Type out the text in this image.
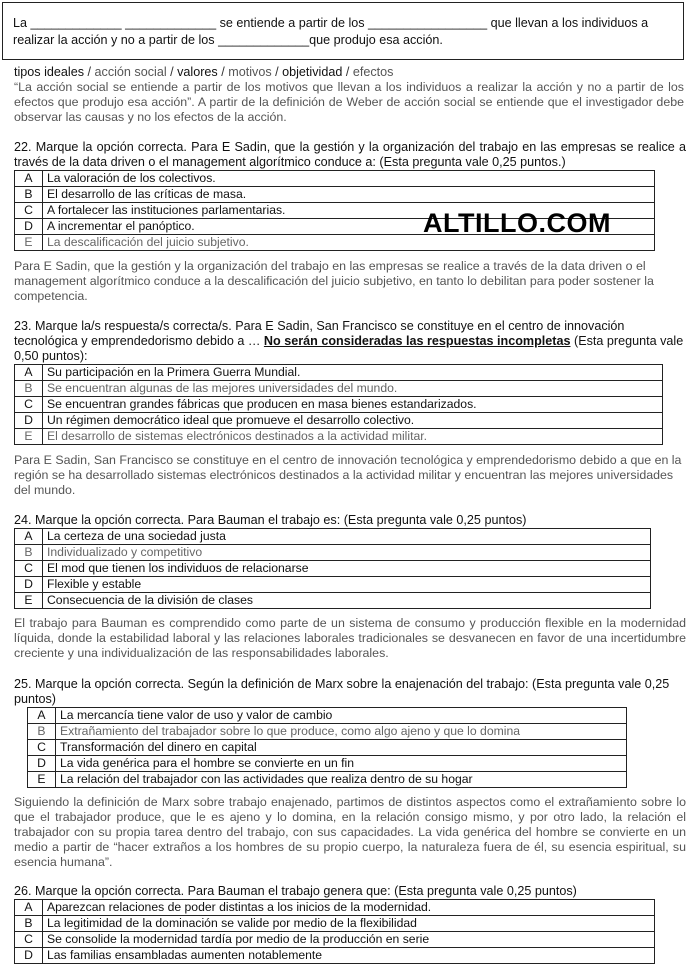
La _____________ _____________ se entiende a partir de los _________________ que llevan a los individuos a realizar la acción y no a partir de los _____________que produjo esa acción.
tipos ideales / acción social / valores / motivos / objetividad / efectos
“La acción social se entiende a partir de los motivos que llevan a los individuos a realizar la acción y no a partir de los efectos que produjo esa acción”. A partir de la definición de Weber de acción social se entiende que el investigador debe observar las causas y no los efectos de la acción.
22. Marque la opción correcta. Para E Sadin, que la gestión y la organización del trabajo en las empresas se realice a través de la data driven o el management algorítmico conduce a: (Esta pregunta vale 0,25 puntos.)
A	La valoración de los colectivos.
B	El desarrollo de las críticas de masa.
C	A fortalecer las instituciones parlamentarias.
D	A incrementar el panóptico.
E	La descalificación del juicio subjetivo.
ALTILLO.COM
Para E Sadin, que la gestión y la organización del trabajo en las empresas se realice a través de la data driven o el management algorítmico conduce a la descalificación del juicio subjetivo, en tanto lo debilitan para poder sostener la competencia.
23. Marque la/s respuesta/s correcta/s. Para E Sadin, San Francisco se constituye en el centro de innovación tecnológica y emprendedorismo debido a … No serán consideradas las respuestas incompletas (Esta pregunta vale 0,50 puntos):
A	Su participación en la Primera Guerra Mundial.
B	Se encuentran algunas de las mejores universidades del mundo.
C	Se encuentran grandes fábricas que producen en masa bienes estandarizados.
D	Un régimen democrático ideal que promueve el desarrollo colectivo.
E	El desarrollo de sistemas electrónicos destinados a la actividad militar.
Para E Sadin, San Francisco se constituye en el centro de innovación tecnológica y emprendedorismo debido a que en la región se ha desarrollado sistemas electrónicos destinados a la actividad militar y encuentran las mejores universidades del mundo.
24. Marque la opción correcta. Para Bauman el trabajo es: (Esta pregunta vale 0,25 puntos)
A	La certeza de una sociedad justa
B	Individualizado y competitivo
C	El mod que tienen los individuos de relacionarse
D	Flexible y estable
E	Consecuencia de la división de clases
El trabajo para Bauman es comprendido como parte de un sistema de consumo y producción flexible en la modernidad líquida, donde la estabilidad laboral y las relaciones laborales tradicionales se desvanecen en favor de una incertidumbre creciente y una individualización de las responsabilidades laborales.
25. Marque la opción correcta. Según la definición de Marx sobre la enajenación del trabajo: (Esta pregunta vale 0,25 puntos)
A	La mercancía tiene valor de uso y valor de cambio
B	Extrañamiento del trabajador sobre lo que produce, como algo ajeno y que lo domina
C	Transformación del dinero en capital
D	La vida genérica para el hombre se convierte en un fin
E	La relación del trabajador con las actividades que realiza dentro de su hogar
Siguiendo la definición de Marx sobre trabajo enajenado, partimos de distintos aspectos como el extrañamiento sobre lo que el trabajador produce, que le es ajeno y lo domina, en la relación consigo mismo, y por otro lado, la relación el trabajador con su propia tarea dentro del trabajo, con sus capacidades. La vida genérica del hombre se convierte en un medio a partir de “hacer extraños a los hombres de su propio cuerpo, la naturaleza fuera de él, su esencia espiritual, su esencia humana”.
26. Marque la opción correcta. Para Bauman el trabajo genera que: (Esta pregunta vale 0,25 puntos)
A	Aparezcan relaciones de poder distintas a los inicios de la modernidad.
B	La legitimidad de la dominación se valide por medio de la flexibilidad
C	Se consolide la modernidad tardía por medio de la producción en serie
D	Las familias ensambladas aumenten notablemente
